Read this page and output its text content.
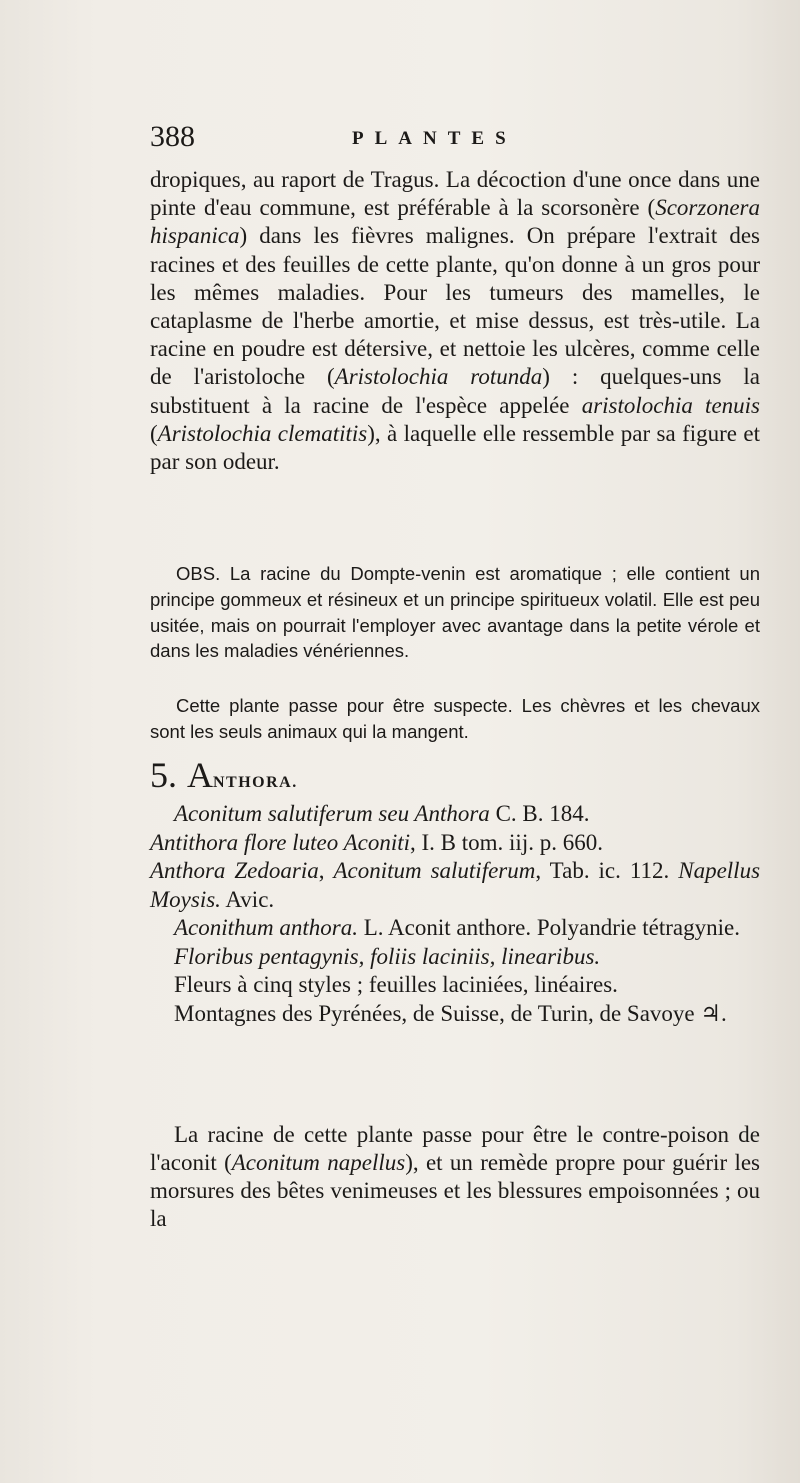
388	PLANTES

dropiques, au raport de Tragus. La décoction d'une once dans une pinte d'eau commune, est préférable à la scorsonère (Scorzonera hispanica) dans les fièvres malignes. On prépare l'extrait des racines et des feuilles de cette plante, qu'on donne à un gros pour les mêmes maladies. Pour les tumeurs des mamelles, le cataplasme de l'herbe amortie, et mise dessus, est très-utile. La racine en poudre est détersive, et nettoie les ulcères, comme celle de l'aristoloche (Aristolochia rotunda) : quelques-uns la substituent à la racine de l'espèce appelée aristolochia tenuis (Aristolochia clematitis), à laquelle elle ressemble par sa figure et par son odeur.

OBS. La racine du Dompte-venin est aromatique ; elle contient un principe gommeux et résineux et un principe spiritueux volatil. Elle est peu usitée, mais on pourrait l'employer avec avantage dans la petite vérole et dans les maladies vénériennes.
Cette plante passe pour être suspecte. Les chèvres et les chevaux sont les seuls animaux qui la mangent.
5. ANTHORA.
Aconitum salutiferum seu Anthora C. B. 184.
Antithora flore luteo Aconiti, I. B tom. iij. p. 660.
Anthora Zedoaria, Aconitum salutiferum, Tab. ic. 112. Napellus Moysis. Avic.
Aconithum anthora. L. Aconit anthore. Polyandrie tétragynie.
Floribus pentagynis, foliis laciniis, linearibus.
Fleurs à cinq styles ; feuilles laciniées, linéaires.
Montagnes des Pyrénées, de Suisse, de Turin, de Savoye ♃.
La racine de cette plante passe pour être le contre-poison de l'aconit (Aconitum napellus), et un remède propre pour guérir les morsures des bêtes venimeuses et les blessures empoisonnées ; ou la
